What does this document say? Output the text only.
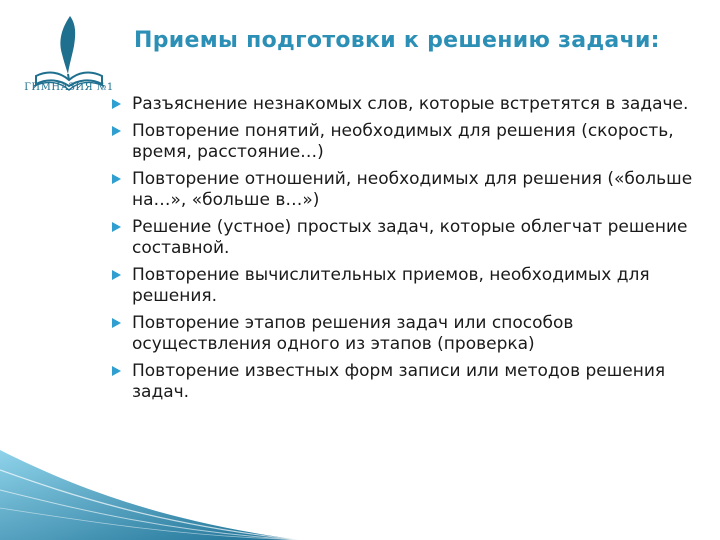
ГИМНАЗИЯ №1
Приемы подготовки к решению задачи:
Разъяснение незнакомых слов, которые встретятся в задаче.
Повторение понятий, необходимых для решения (скорость, время, расстояние…)
Повторение отношений, необходимых для решения («больше на…», «больше в…»)
Решение (устное) простых задач, которые облегчат решение составной.
Повторение вычислительных приемов, необходимых для решения.
Повторение этапов решения задач или способов осуществления одного из этапов (проверка)
Повторение известных форм записи или методов решения задач.
